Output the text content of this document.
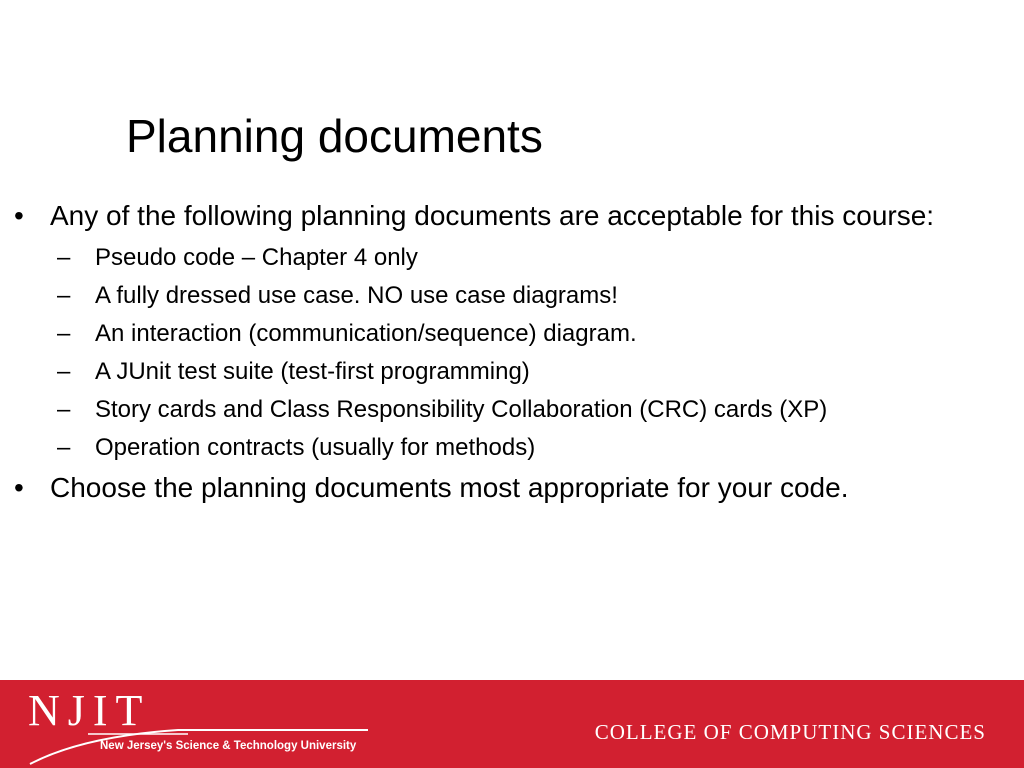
Planning documents
• Any of the following planning documents are acceptable for this course:
– Pseudo code – Chapter 4 only
– A fully dressed use case. NO use case diagrams!
– An interaction (communication/sequence) diagram.
– A JUnit test suite (test-first programming)
– Story cards and Class Responsibility Collaboration (CRC) cards (XP)
– Operation contracts (usually for methods)
• Choose the planning documents most appropriate for your code.
NJIT
New Jersey's Science & Technology University
COLLEGE OF COMPUTING SCIENCES
